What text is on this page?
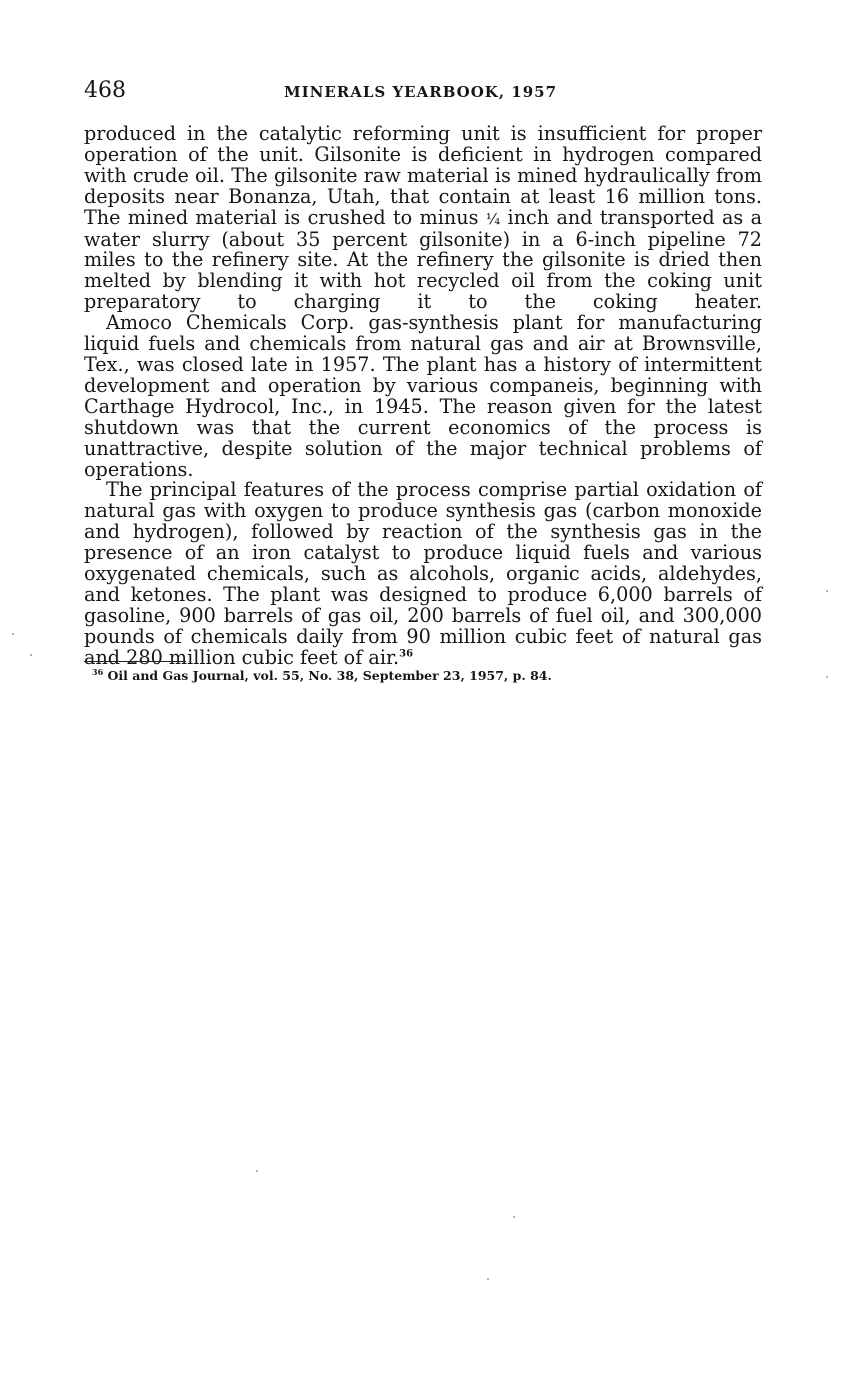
468	MINERALS YEARBOOK, 1957

produced in the catalytic reforming unit is insufficient for proper operation of the unit. Gilsonite is deficient in hydrogen compared with crude oil. The gilsonite raw material is mined hydraulically from deposits near Bonanza, Utah, that contain at least 16 million tons. The mined material is crushed to minus ¼ inch and transported as a water slurry (about 35 percent gilsonite) in a 6-inch pipeline 72 miles to the refinery site. At the refinery the gilsonite is dried then melted by blending it with hot recycled oil from the coking unit preparatory to charging it to the coking heater.

Amoco Chemicals Corp. gas-synthesis plant for manufacturing liquid fuels and chemicals from natural gas and air at Brownsville, Tex., was closed late in 1957. The plant has a history of intermittent development and operation by various companeis, beginning with Carthage Hydrocol, Inc., in 1945. The reason given for the latest shutdown was that the current economics of the process is unattractive, despite solution of the major technical problems of operations.

The principal features of the process comprise partial oxidation of natural gas with oxygen to produce synthesis gas (carbon monoxide and hydrogen), followed by reaction of the synthesis gas in the presence of an iron catalyst to produce liquid fuels and various oxygenated chemicals, such as alcohols, organic acids, aldehydes, and ketones. The plant was designed to produce 6,000 barrels of gasoline, 900 barrels of gas oil, 200 barrels of fuel oil, and 300,000 pounds of chemicals daily from 90 million cubic feet of natural gas and 280 million cubic feet of air.$^{36}$

$^{36}$ Oil and Gas Journal, vol. 55, No. 38, September 23, 1957, p. 84.
